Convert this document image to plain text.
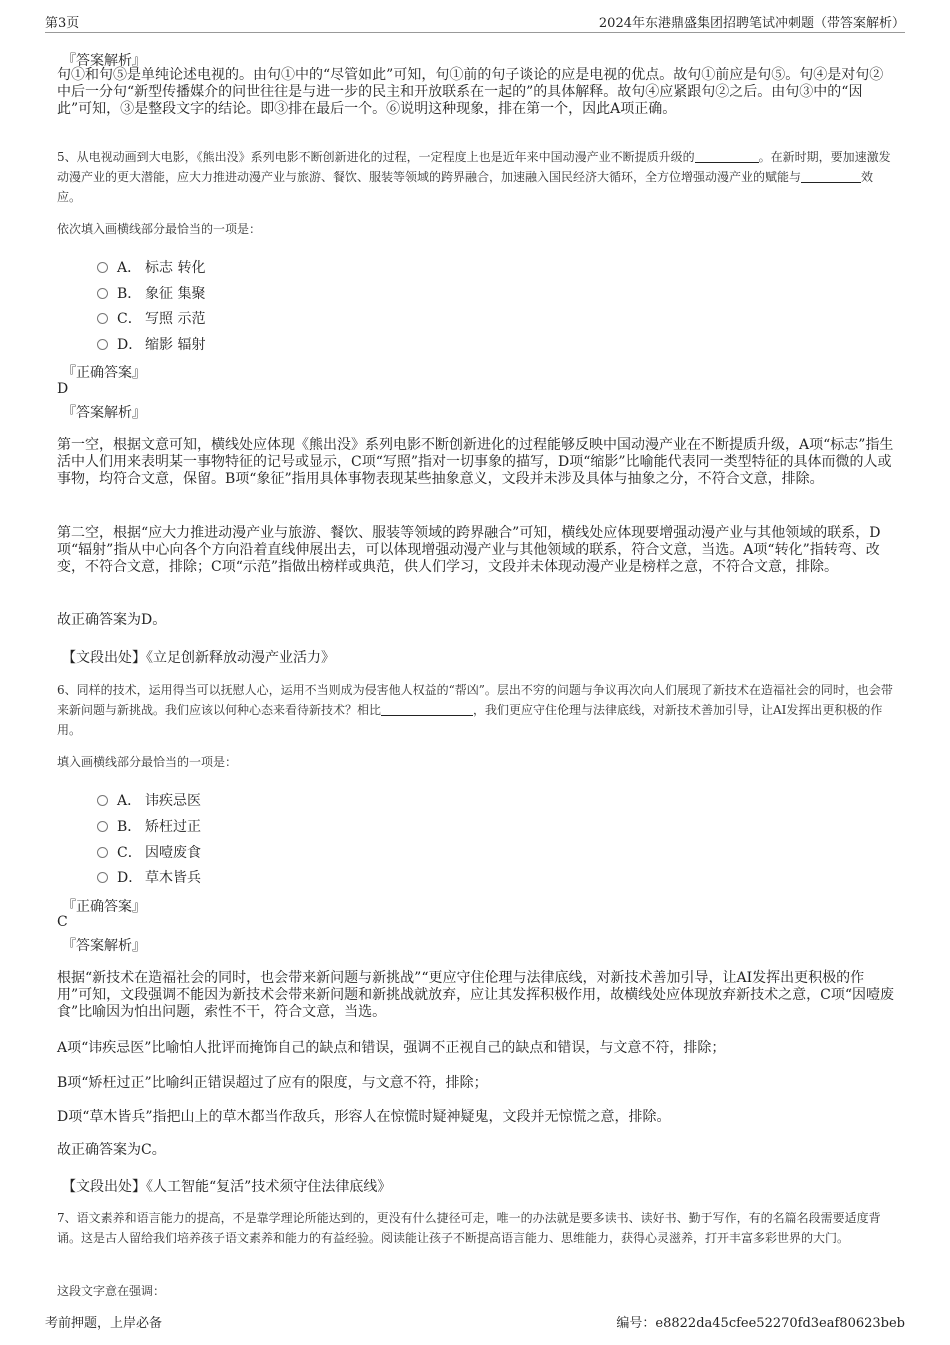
第3页	2024年东港鼎盛集团招聘笔试冲刺题（带答案解析）
『答案解析』
句①和句⑤是单纯论述电视的。由句①中的“尽管如此”可知，句①前的句子谈论的应是电视的优点。故句①前应是句⑤。句④是对句②中后一分句“新型传播媒介的问世往往是与进一步的民主和开放联系在一起的”的具体解释。故句④应紧跟句②之后。由句③中的“因此”可知，③是整段文字的结论。即③排在最后一个。⑥说明这种现象，排在第一个，因此A项正确。
5、从电视动画到大电影，《熊出没》系列电影不断创新进化的过程，一定程度上也是近年来中国动漫产业不断提质升级的	。在新时期，要加速激发动漫产业的更大潜能，应大力推进动漫产业与旅游、餐饮、服装等领域的跨界融合，加速融入国民经济大循环，全方位增强动漫产业的赋能与	效应。
依次填入画横线部分最恰当的一项是：
A． 标志 转化
B． 象征 集聚
C． 写照 示范
D． 缩影 辐射
『正确答案』
D
『答案解析』
第一空，根据文意可知，横线处应体现《熊出没》系列电影不断创新进化的过程能够反映中国动漫产业在不断提质升级，A项“标志”指生活中人们用来表明某一事物特征的记号或显示，C项“写照”指对一切事象的描写，D项“缩影”比喻能代表同一类型特征的具体而微的人或事物，均符合文意，保留。B项“象征”指用具体事物表现某些抽象意义，文段并未涉及具体与抽象之分，不符合文意，排除。
第二空，根据“应大力推进动漫产业与旅游、餐饮、服装等领域的跨界融合”可知，横线处应体现要增强动漫产业与其他领域的联系，D项“辐射”指从中心向各个方向沿着直线伸展出去，可以体现增强动漫产业与其他领域的联系，符合文意，当选。A项“转化”指转弯、改变，不符合文意，排除；C项“示范”指做出榜样或典范，供人们学习，文段并未体现动漫产业是榜样之意，不符合文意，排除。
故正确答案为D。
【文段出处】《立足创新释放动漫产业活力》
6、同样的技术，运用得当可以抚慰人心，运用不当则成为侵害他人权益的“帮凶”。层出不穷的问题与争议再次向人们展现了新技术在造福社会的同时，也会带来新问题与新挑战。我们应该以何种心态来看待新技术？相比	，我们更应守住伦理与法律底线，对新技术善加引导，让AI发挥出更积极的作用。
填入画横线部分最恰当的一项是：
A． 讳疾忌医
B． 矫枉过正
C． 因噎废食
D． 草木皆兵
『正确答案』
C
『答案解析』
根据“新技术在造福社会的同时，也会带来新问题与新挑战”“更应守住伦理与法律底线，对新技术善加引导，让AI发挥出更积极的作用”可知，文段强调不能因为新技术会带来新问题和新挑战就放弃，应让其发挥积极作用，故横线处应体现放弃新技术之意，C项“因噎废食”比喻因为怕出问题，索性不干，符合文意，当选。
A项“讳疾忌医”比喻怕人批评而掩饰自己的缺点和错误，强调不正视自己的缺点和错误，与文意不符，排除；
B项“矫枉过正”比喻纠正错误超过了应有的限度，与文意不符，排除；
D项“草木皆兵”指把山上的草木都当作敌兵，形容人在惊慌时疑神疑鬼，文段并无惊慌之意，排除。
故正确答案为C。
【文段出处】《人工智能“复活”技术须守住法律底线》
7、语文素养和语言能力的提高，不是靠学理论所能达到的，更没有什么捷径可走，唯一的办法就是要多读书、读好书、勤于写作，有的名篇名段需要适度背诵。这是古人留给我们培养孩子语文素养和能力的有益经验。阅读能让孩子不断提高语言能力、思维能力，获得心灵滋养，打开丰富多彩世界的大门。
这段文字意在强调：
考前押题，上岸必备	编号：e8822da45cfee52270fd3eaf80623beb
